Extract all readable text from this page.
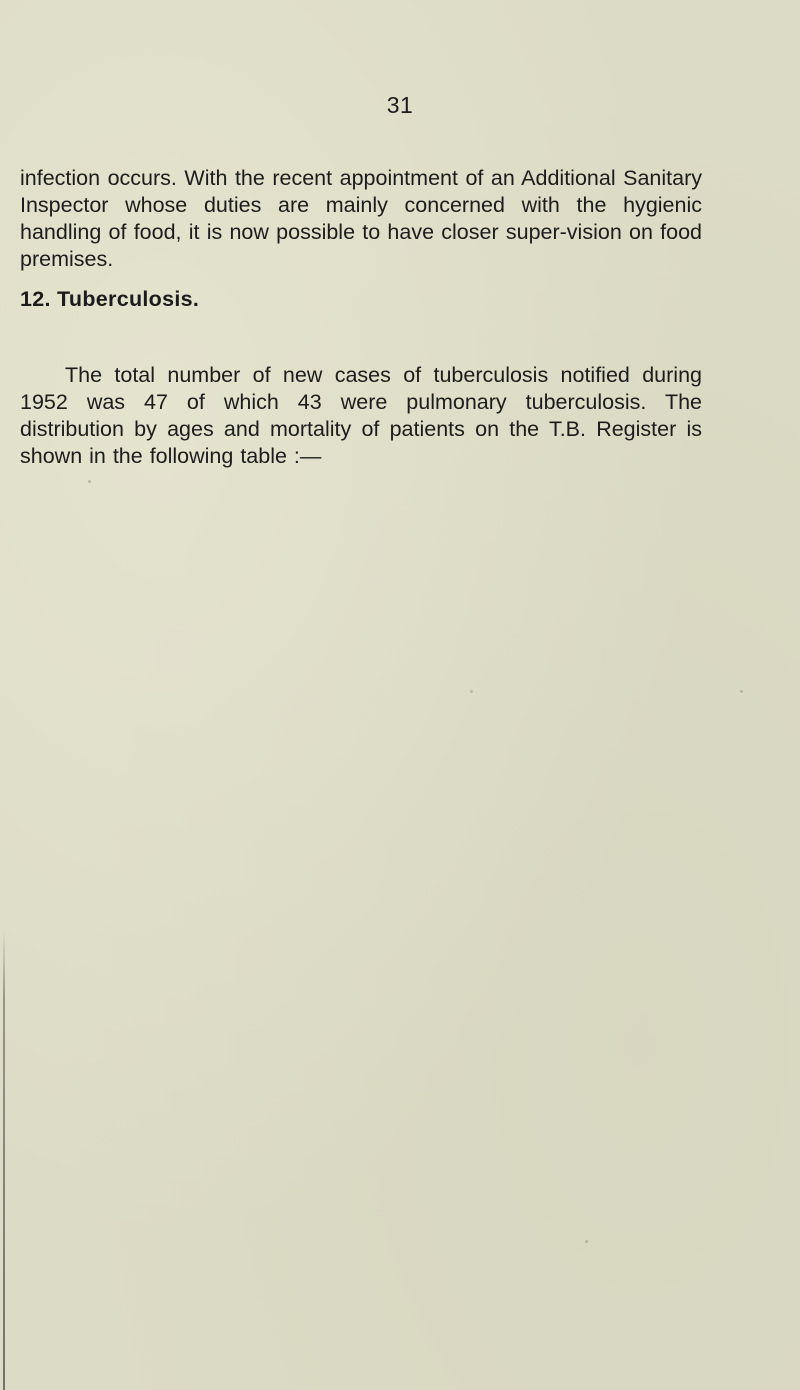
31

infection occurs. With the recent appointment of an Additional Sanitary Inspector whose duties are mainly concerned with the hygienic handling of food, it is now possible to have closer super-vision on food premises.

12. Tuberculosis.

The total number of new cases of tuberculosis notified during 1952 was 47 of which 43 were pulmonary tuberculosis. The distribution by ages and mortality of patients on the T.B. Register is shown in the following table :—
